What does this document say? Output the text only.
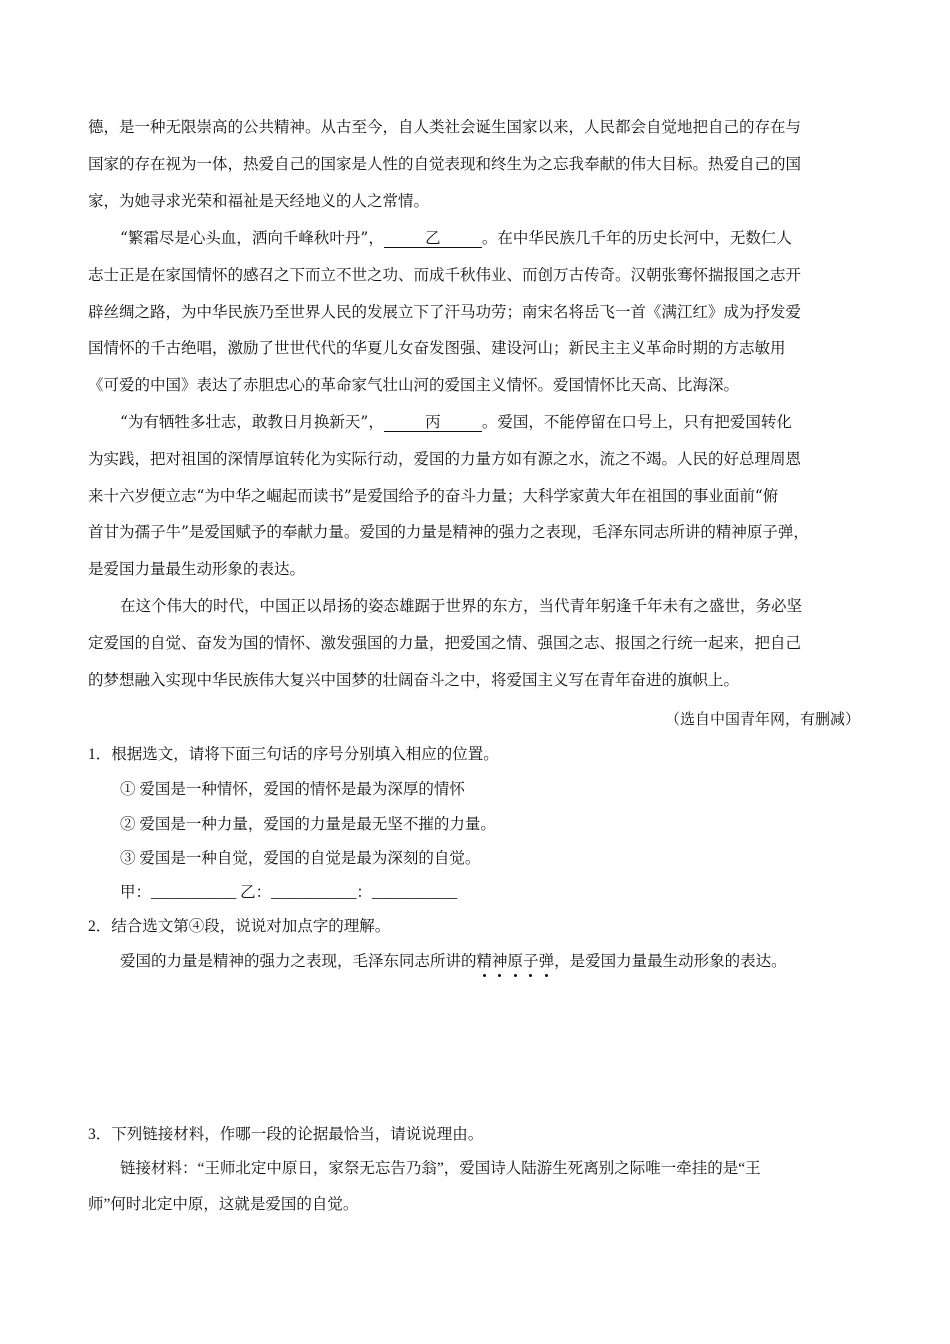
德，是一种无限崇高的公共精神。从古至今，自人类社会诞生国家以来，人民都会自觉地把自己的存在与
国家的存在视为一体，热爱自己的国家是人性的自觉表现和终生为之忘我奉献的伟大目标。热爱自己的国
家，为她寻求光荣和福祉是天经地义的人之常情。
“繁霜尽是心头血，洒向千峰秋叶丹”，	乙	。在中华民族几千年的历史长河中，无数仁人
志士正是在家国情怀的感召之下而立不世之功、而成千秋伟业、而创万古传奇。汉朝张骞怀揣报国之志开
辟丝绸之路，为中华民族乃至世界人民的发展立下了汗马功劳；南宋名将岳飞一首《满江红》成为抒发爱
国情怀的千古绝唱，激励了世世代代的华夏儿女奋发图强、建设河山；新民主主义革命时期的方志敏用
《可爱的中国》表达了赤胆忠心的革命家气壮山河的爱国主义情怀。爱国情怀比天高、比海深。
“为有牺牲多壮志，敢教日月换新天”，	丙	。爱国，不能停留在口号上，只有把爱国转化
为实践，把对祖国的深情厚谊转化为实际行动，爱国的力量方如有源之水，流之不竭。人民的好总理周恩
来十六岁便立志“为中华之崛起而读书”是爱国给予的奋斗力量；大科学家黄大年在祖国的事业面前“俯
首甘为孺子牛”是爱国赋予的奉献力量。爱国的力量是精神的强力之表现，毛泽东同志所讲的精神原子弹，
是爱国力量最生动形象的表达。
在这个伟大的时代，中国正以昂扬的姿态雄踞于世界的东方，当代青年躬逢千年未有之盛世，务必坚
定爱国的自觉、奋发为国的情怀、激发强国的力量，把爱国之情、强国之志、报国之行统一起来，把自己
的梦想融入实现中华民族伟大复兴中国梦的壮阔奋斗之中，将爱国主义写在青年奋进的旗帜上。

（选自中国青年网，有删减）

1．根据选文，请将下面三句话的序号分别填入相应的位置。

① 爱国是一种情怀，爱国的情怀是最为深厚的情怀

② 爱国是一种力量，爱国的力量是最无坚不摧的力量。

③ 爱国是一种自觉，爱国的自觉是最为深刻的自觉。

甲：___________ 乙：___________：___________

2．结合选文第④段，说说对加点字的理解。

爱国的力量是精神的强力之表现，毛泽东同志所讲的精神原子弹，是爱国力量最生动形象的表达。

3．下列链接材料，作哪一段的论据最恰当，请说说理由。

链接材料：“王师北定中原日，家祭无忘告乃翁”，爱国诗人陆游生死离别之际唯一牵挂的是“王

师”何时北定中原，这就是爱国的自觉。
